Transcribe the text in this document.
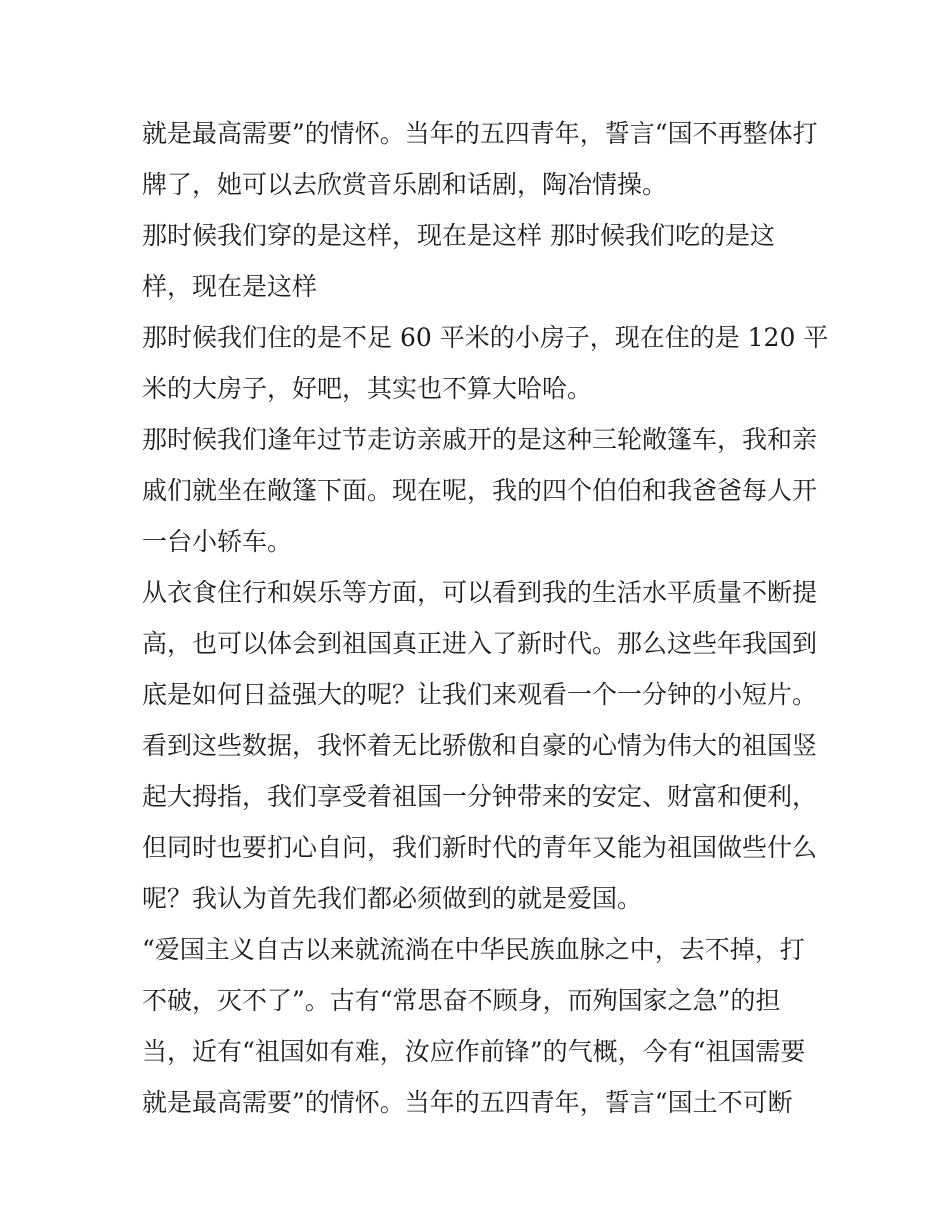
就是最高需要”的情怀。当年的五四青年，誓言“国不再整体打
牌了，她可以去欣赏音乐剧和话剧，陶冶情操。
那时候我们穿的是这样，现在是这样 那时候我们吃的是这
样，现在是这样
那时候我们住的是不足 60 平米的小房子，现在住的是 120 平
米的大房子，好吧，其实也不算大哈哈。
那时候我们逢年过节走访亲戚开的是这种三轮敞篷车，我和亲
戚们就坐在敞篷下面。现在呢，我的四个伯伯和我爸爸每人开
一台小轿车。
从衣食住行和娱乐等方面，可以看到我的生活水平质量不断提
高，也可以体会到祖国真正进入了新时代。那么这些年我国到
底是如何日益强大的呢？让我们来观看一个一分钟的小短片。
看到这些数据，我怀着无比骄傲和自豪的心情为伟大的祖国竖
起大拇指，我们享受着祖国一分钟带来的安定、财富和便利，
但同时也要扪心自问，我们新时代的青年又能为祖国做些什么
呢？我认为首先我们都必须做到的就是爱国。
“爱国主义自古以来就流淌在中华民族血脉之中，去不掉，打
不破，灭不了”。古有“常思奋不顾身，而殉国家之急”的担
当，近有“祖国如有难，汝应作前锋”的气概，今有“祖国需要
就是最高需要”的情怀。当年的五四青年，誓言“国土不可断
